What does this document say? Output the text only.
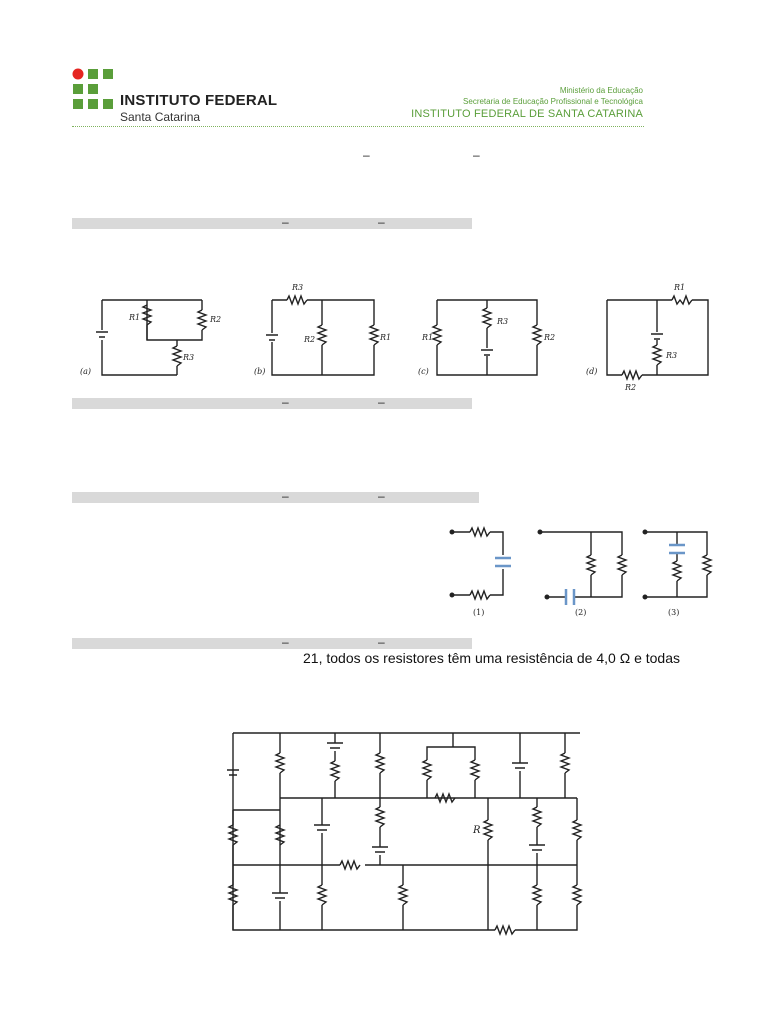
INSTITUTO FEDERAL
Santa Catarina
Ministério da Educação
Secretaria de Educação Profissional e Tecnológica
INSTITUTO FEDERAL DE SANTA CATARINA
–	–
–	–
R1	R2
R3
(a)
R3
R2	R1
(b)
R1
R3
R2
(c)
R1
R3
R2
(d)
–	–
–	–
(1)	(2)	(3)
–	–
21, todos os resistores têm uma resistência de 4,0 Ω e todas
R
